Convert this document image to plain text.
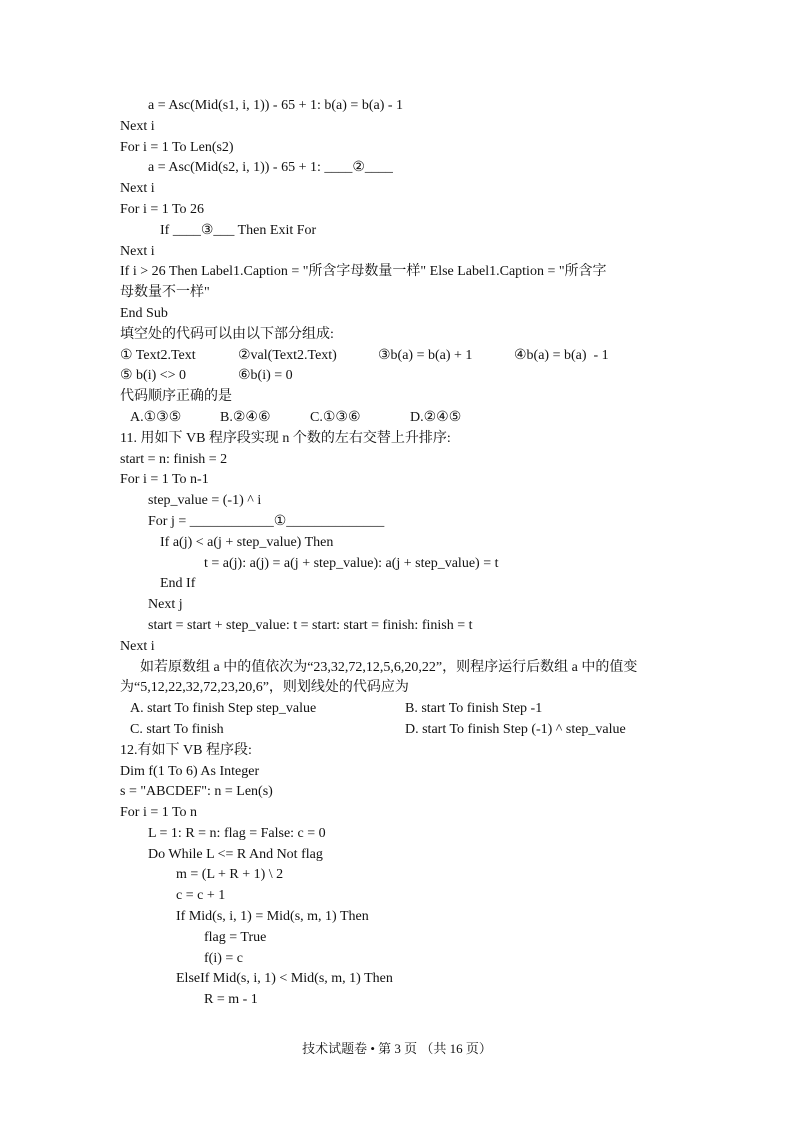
a = Asc(Mid(s1, i, 1)) - 65 + 1: b(a) = b(a) - 1
Next i
For i = 1 To Len(s2)
a = Asc(Mid(s2, i, 1)) - 65 + 1: ____②____
Next i
For i = 1 To 26
If ____③___ Then Exit For
Next i
If i > 26 Then Label1.Caption = "所含字母数量一样" Else Label1.Caption = "所含字
母数量不一样"
End Sub
填空处的代码可以由以下部分组成:
① Text2.Text	②val(Text2.Text)	③b(a) = b(a) + 1	④b(a) = b(a)  - 1
⑤ b(i) <> 0	⑥b(i) = 0
代码顺序正确的是
A.①③⑤	B.②④⑥	C.①③⑥	D.②④⑤
11. 用如下 VB 程序段实现 n 个数的左右交替上升排序:
start = n: finish = 2
For i = 1 To n-1
step_value = (-1) ^ i
For j = ____________①______________
If a(j) < a(j + step_value) Then
t = a(j): a(j) = a(j + step_value): a(j + step_value) = t
End If
Next j
start = start + step_value: t = start: start = finish: finish = t
Next i
如若原数组 a 中的值依次为“23,32,72,12,5,6,20,22”，则程序运行后数组 a 中的值变
为“5,12,22,32,72,23,20,6”，则划线处的代码应为
A. start To finish Step step_value	B. start To finish Step -1
C. start To finish	D. start To finish Step (-1) ^ step_value
12.有如下 VB 程序段:
Dim f(1 To 6) As Integer
s = "ABCDEF": n = Len(s)
For i = 1 To n
L = 1: R = n: flag = False: c = 0
Do While L <= R And Not flag
m = (L + R + 1) \ 2
c = c + 1
If Mid(s, i, 1) = Mid(s, m, 1) Then
flag = True
f(i) = c
ElseIf Mid(s, i, 1) < Mid(s, m, 1) Then
R = m - 1
技术试题卷 • 第 3 页 （共 16 页）
